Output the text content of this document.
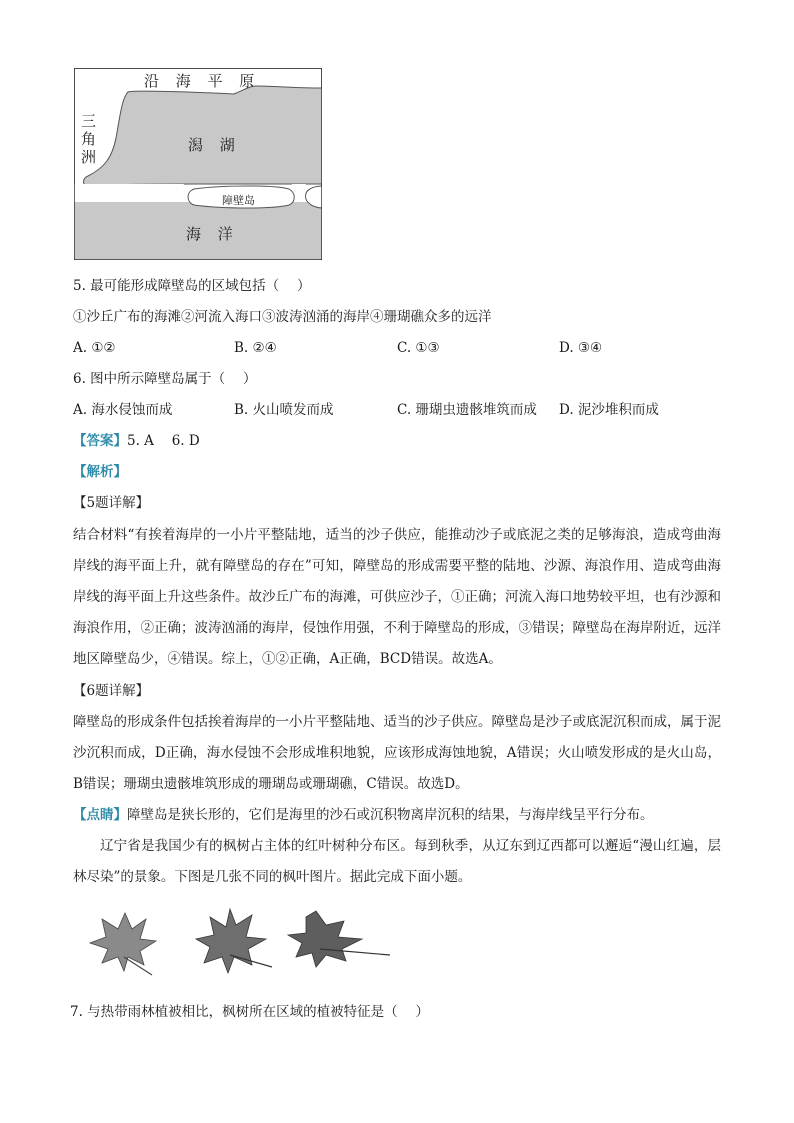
沿 海 平 原
三
角
洲
潟 湖
障壁岛
海 洋
5. 最可能形成障壁岛的区域包括（　 ）
①沙丘广布的海滩②河流入海口③波涛汹涌的海岸④珊瑚礁众多的远洋
A. ①②	B. ②④	C. ①③	D. ③④
6. 图中所示障壁岛属于（　 ）
A. 海水侵蚀而成	B. 火山喷发而成	C. 珊瑚虫遗骸堆筑而成 D. 泥沙堆积而成
【答案】5. A　 6. D
【解析】
【5题详解】
结合材料“有挨着海岸的一小片平整陆地，适当的沙子供应，能推动沙子或底泥之类的足够海浪，造成弯曲海岸线的海平面上升，就有障壁岛的存在”可知，障壁岛的形成需要平整的陆地、沙源、海浪作用、造成弯曲海岸线的海平面上升这些条件。故沙丘广布的海滩，可供应沙子，①正确；河流入海口地势较平坦，也有沙源和海浪作用，②正确；波涛汹涌的海岸，侵蚀作用强，不利于障壁岛的形成，③错误；障壁岛在海岸附近，远洋地区障壁岛少，④错误。综上，①②正确，A正确，BCD错误。故选A。
【6题详解】
障壁岛的形成条件包括挨着海岸的一小片平整陆地、适当的沙子供应。障壁岛是沙子或底泥沉积而成，属于泥沙沉积而成，D正确，海水侵蚀不会形成堆积地貌，应该形成海蚀地貌，A错误；火山喷发形成的是火山岛，B错误；珊瑚虫遗骸堆筑形成的珊瑚岛或珊瑚礁，C错误。故选D。
【点睛】障壁岛是狭长形的，它们是海里的沙石或沉积物离岸沉积的结果，与海岸线呈平行分布。
辽宁省是我国少有的枫树占主体的红叶树种分布区。每到秋季，从辽东到辽西都可以邂逅“漫山红遍，层林尽染”的景象。下图是几张不同的枫叶图片。据此完成下面小题。
7. 与热带雨林植被相比，枫树所在区域的植被特征是（　 ）
